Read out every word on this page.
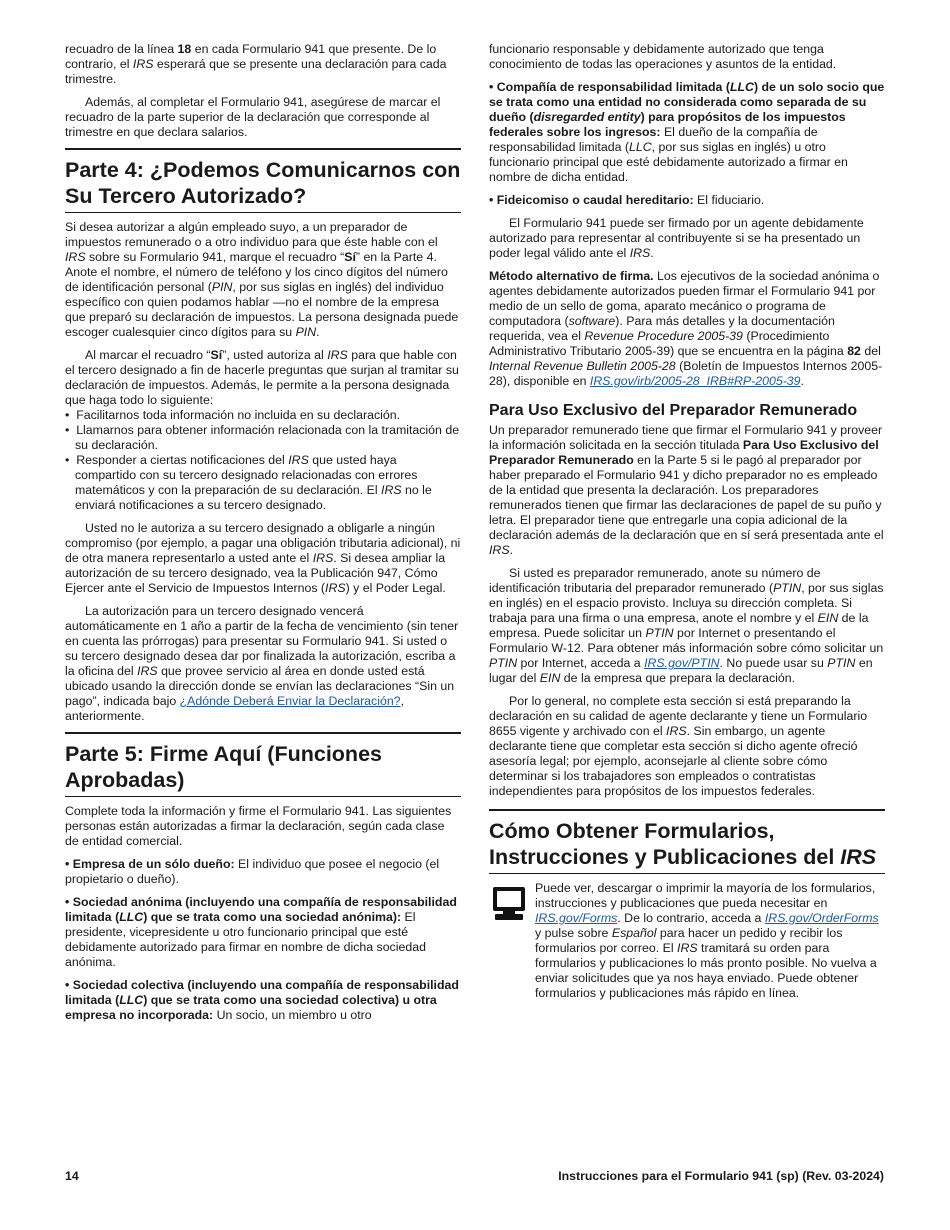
recuadro de la línea 18 en cada Formulario 941 que presente. De lo contrario, el IRS esperará que se presente una declaración para cada trimestre.

Además, al completar el Formulario 941, asegúrese de marcar el recuadro de la parte superior de la declaración que corresponde al trimestre en que declara salarios.

Parte 4: ¿Podemos Comunicarnos con Su Tercero Autorizado?

Si desea autorizar a algún empleado suyo, a un preparador de impuestos remunerado o a otro individuo para que éste hable con el IRS sobre su Formulario 941, marque el recuadro “Sí” en la Parte 4. Anote el nombre, el número de teléfono y los cinco dígitos del número de identificación personal (PIN, por sus siglas en inglés) del individuo específico con quien podamos hablar —no el nombre de la empresa que preparó su declaración de impuestos. La persona designada puede escoger cualesquier cinco dígitos para su PIN.

Al marcar el recuadro “Sí”, usted autoriza al IRS para que hable con el tercero designado a fin de hacerle preguntas que surjan al tramitar su declaración de impuestos. Además, le permite a la persona designada que haga todo lo siguiente:

•  Facilitarnos toda información no incluida en su declaración.
•  Llamarnos para obtener información relacionada con la tramitación de su declaración.
•  Responder a ciertas notificaciones del IRS que usted haya compartido con su tercero designado relacionadas con errores matemáticos y con la preparación de su declaración. El IRS no le enviará notificaciones a su tercero designado.

Usted no le autoriza a su tercero designado a obligarle a ningún compromiso (por ejemplo, a pagar una obligación tributaria adicional), ni de otra manera representarlo a usted ante el IRS. Si desea ampliar la autorización de su tercero designado, vea la Publicación 947, Cómo Ejercer ante el Servicio de Impuestos Internos (IRS) y el Poder Legal.

La autorización para un tercero designado vencerá automáticamente en 1 año a partir de la fecha de vencimiento (sin tener en cuenta las prórrogas) para presentar su Formulario 941. Si usted o su tercero designado desea dar por finalizada la autorización, escriba a la oficina del IRS que provee servicio al área en donde usted está ubicado usando la dirección donde se envían las declaraciones “Sin un pago”, indicada bajo ¿Adónde Deberá Enviar la Declaración?, anteriormente.

Parte 5: Firme Aquí (Funciones Aprobadas)

Complete toda la información y firme el Formulario 941. Las siguientes personas están autorizadas a firmar la declaración, según cada clase de entidad comercial.

• Empresa de un sólo dueño: El individuo que posee el negocio (el propietario o dueño).

• Sociedad anónima (incluyendo una compañía de responsabilidad limitada (LLC) que se trata como una sociedad anónima): El presidente, vicepresidente u otro funcionario principal que esté debidamente autorizado para firmar en nombre de dicha sociedad anónima.

• Sociedad colectiva (incluyendo una compañía de responsabilidad limitada (LLC) que se trata como una sociedad colectiva) u otra empresa no incorporada: Un socio, un miembro u otro

funcionario responsable y debidamente autorizado que tenga conocimiento de todas las operaciones y asuntos de la entidad.

• Compañía de responsabilidad limitada (LLC) de un solo socio que se trata como una entidad no considerada como separada de su dueño (disregarded entity) para propósitos de los impuestos federales sobre los ingresos: El dueño de la compañía de responsabilidad limitada (LLC, por sus siglas en inglés) u otro funcionario principal que esté debidamente autorizado a firmar en nombre de dicha entidad.

• Fideicomiso o caudal hereditario: El fiduciario.

El Formulario 941 puede ser firmado por un agente debidamente autorizado para representar al contribuyente si se ha presentado un poder legal válido ante el IRS.

Método alternativo de firma. Los ejecutivos de la sociedad anónima o agentes debidamente autorizados pueden firmar el Formulario 941 por medio de un sello de goma, aparato mecánico o programa de computadora (software). Para más detalles y la documentación requerida, vea el Revenue Procedure 2005-39 (Procedimiento Administrativo Tributario 2005-39) que se encuentra en la página 82 del Internal Revenue Bulletin 2005-28 (Boletín de Impuestos Internos 2005-28), disponible en IRS.gov/irb/2005-28_IRB#RP-2005-39.

Para Uso Exclusivo del Preparador Remunerado

Un preparador remunerado tiene que firmar el Formulario 941 y proveer la información solicitada en la sección titulada Para Uso Exclusivo del Preparador Remunerado en la Parte 5 si le pagó al preparador por haber preparado el Formulario 941 y dicho preparador no es empleado de la entidad que presenta la declaración. Los preparadores remunerados tienen que firmar las declaraciones de papel de su puño y letra. El preparador tiene que entregarle una copia adicional de la declaración además de la declaración que en sí será presentada ante el IRS.

Si usted es preparador remunerado, anote su número de identificación tributaria del preparador remunerado (PTIN, por sus siglas en inglés) en el espacio provisto. Incluya su dirección completa. Si trabaja para una firma o una empresa, anote el nombre y el EIN de la empresa. Puede solicitar un PTIN por Internet o presentando el Formulario W-12. Para obtener más información sobre cómo solicitar un PTIN por Internet, acceda a IRS.gov/PTIN. No puede usar su PTIN en lugar del EIN de la empresa que prepara la declaración.

Por lo general, no complete esta sección si está preparando la declaración en su calidad de agente declarante y tiene un Formulario 8655 vigente y archivado con el IRS. Sin embargo, un agente declarante tiene que completar esta sección si dicho agente ofreció asesoría legal; por ejemplo, aconsejarle al cliente sobre cómo determinar si los trabajadores son empleados o contratistas independientes para propósitos de los impuestos federales.

Cómo Obtener Formularios, Instrucciones y Publicaciones del IRS

Puede ver, descargar o imprimir la mayoría de los formularios, instrucciones y publicaciones que pueda necesitar en IRS.gov/Forms. De lo contrario, acceda a IRS.gov/OrderForms y pulse sobre Español para hacer un pedido y recibir los formularios por correo. El IRS tramitará su orden para formularios y publicaciones lo más pronto posible. No vuelva a enviar solicitudes que ya nos haya enviado. Puede obtener formularios y publicaciones más rápido en línea.

14	Instrucciones para el Formulario 941 (sp) (Rev. 03-2024)
